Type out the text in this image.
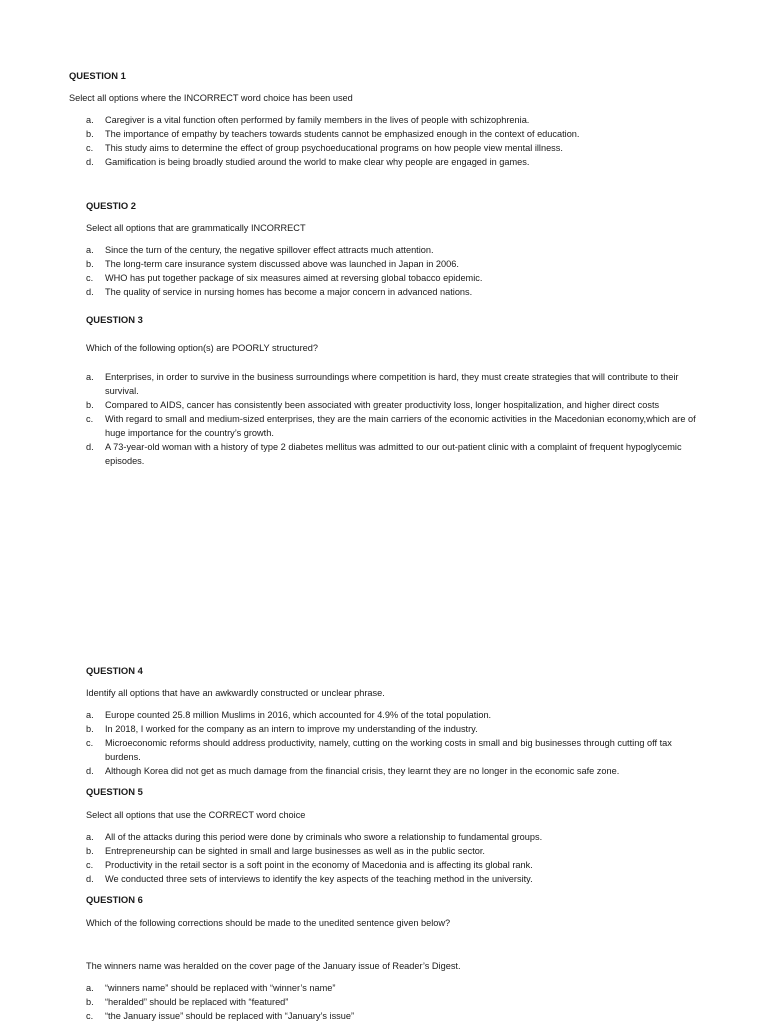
QUESTION 1
Select all options where the INCORRECT word choice has been used
a. Caregiver is a vital function often performed by family members in the lives of people with schizophrenia.
b. The importance of empathy by teachers towards students cannot be emphasized enough in the context of education.
c. This study aims to determine the effect of group psychoeducational programs on how people view mental illness.
d. Gamification is being broadly studied around the world to make clear why people are engaged in games.
QUESTIO 2
Select all options that are grammatically INCORRECT
a. Since the turn of the century, the negative spillover effect attracts much attention.
b. The long-term care insurance system discussed above was launched in Japan in 2006.
c. WHO has put together package of six measures aimed at reversing global tobacco epidemic.
d. The quality of service in nursing homes has become a major concern in advanced nations.
QUESTION 3
Which of the following option(s) are POORLY structured?
a. Enterprises, in order to survive in the business surroundings where competition is hard, they must create strategies that will contribute to their survival.
b. Compared to AIDS, cancer has consistently been associated with greater productivity loss, longer hospitalization, and higher direct costs
c. With regard to small and medium-sized enterprises, they are the main carriers of the economic activities in the Macedonian economy,which are of huge importance for the country’s growth.
d. A 73-year-old woman with a history of type 2 diabetes mellitus was admitted to our out-patient clinic with a complaint of frequent hypoglycemic episodes.
QUESTION 4
Identify all options that have an awkwardly constructed or unclear phrase.
a. Europe counted 25.8 million Muslims in 2016, which accounted for 4.9% of the total population.
b. In 2018, I worked for the company as an intern to improve my understanding of the industry.
c. Microeconomic reforms should address productivity, namely, cutting on the working costs in small and big businesses through cutting off tax burdens.
d. Although Korea did not get as much damage from the financial crisis, they learnt they are no longer in the economic safe zone.
QUESTION 5
Select all options that use the CORRECT word choice
a. All of the attacks during this period were done by criminals who swore a relationship to fundamental groups.
b. Entrepreneurship can be sighted in small and large businesses as well as in the public sector.
c. Productivity in the retail sector is a soft point in the economy of Macedonia and is affecting its global rank.
d. We conducted three sets of interviews to identify the key aspects of the teaching method in the university.
QUESTION 6
Which of the following corrections should be made to the unedited sentence given below?
The winners name was heralded on the cover page of the January issue of Reader’s Digest.
a. “winners name” should be replaced with “winner’s name”
b. “heralded” should be replaced with “featured”
c. “the January issue” should be replaced with “January’s issue”
